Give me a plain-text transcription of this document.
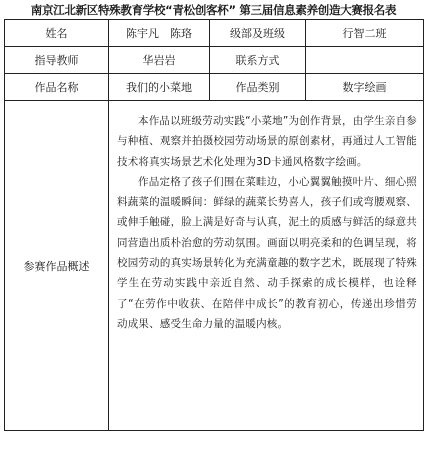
南京江北新区特殊教育学校“青松创客杯” 第三届信息素养创造大赛报名表
姓名	陈宇凡　陈珞	级部及班级	行智二班
指导教师	华岩岩	联系方式	
作品名称	我们的小菜地	作品类别	数字绘画
参赛作品概述	本作品以班级劳动实践“小菜地”为创作背景，由学生亲自参与种植、观察并拍摄校园劳动场景的原创素材，再通过人工智能技术将真实场景艺术化处理为3D卡通风格数字绘画。

作品定格了孩子们围在菜畦边，小心翼翼触摸叶片、细心照料蔬菜的温暖瞬间：鲜绿的蔬菜长势喜人，孩子们或弯腰观察、或伸手触碰，脸上满是好奇与认真，泥土的质感与鲜活的绿意共同营造出质朴治愈的劳动氛围。画面以明亮柔和的色调呈现，将校园劳动的真实场景转化为充满童趣的数字艺术，既展现了特殊学生在劳动实践中亲近自然、动手探索的成长模样，也诠释了“在劳作中收获、在陪伴中成长”的教育初心，传递出珍惜劳动成果、感受生命力量的温暖内核。		
